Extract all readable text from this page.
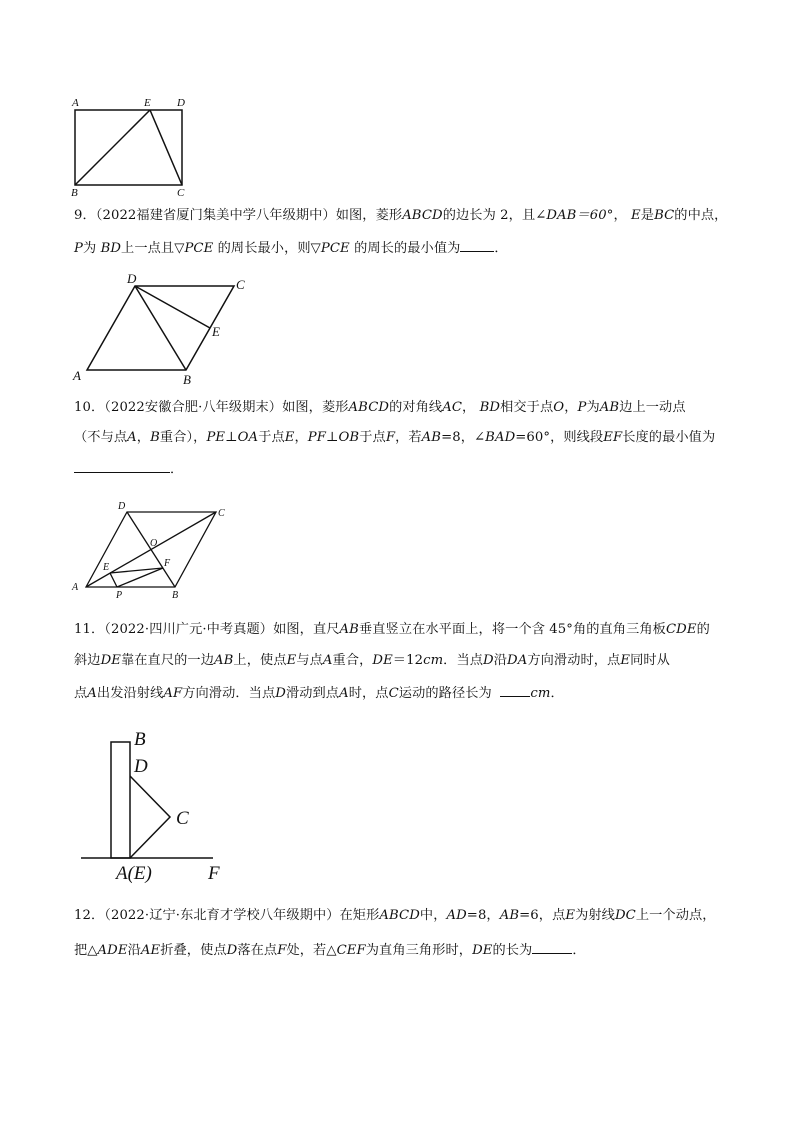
A	E D
B	C
9．（2022福建省厦门集美中学八年级期中）如图，菱形ABCD的边长为 2，且∠DAB＝60°， E是BC的中点，
P为 BD上一点且▽PCE 的周长最小，则▽PCE 的周长的最小值为	．
D	C
E
A	B
10．（2022安徽合肥·八年级期末）如图，菱形ABCD的对角线AC， BD相交于点O，P为AB边上一动点
（不与点A，B重合），PE⊥OA于点E，PF⊥OB于点F，若AB=8，∠BAD=60°，则线段EF长度的最小值为
．
D
C
O
E	F
A
P	B
11．（2022·四川广元·中考真题）如图，直尺AB垂直竖立在水平面上，将一个含 45°角的直角三角板CDE的
斜边DE靠在直尺的一边AB上，使点E与点A重合，DE＝12cm．当点D沿DA方向滑动时，点E同时从
点A出发沿射线AF方向滑动．当点D滑动到点A时，点C运动的路径长为	cm．
B
D
C
A(E)	F
12．（2022·辽宁·东北育才学校八年级期中）在矩形ABCD中，AD=8，AB=6，点E为射线DC上一个动点，
把△ADE沿AE折叠，使点D落在点F处，若△CEF为直角三角形时，DE的长为	．
